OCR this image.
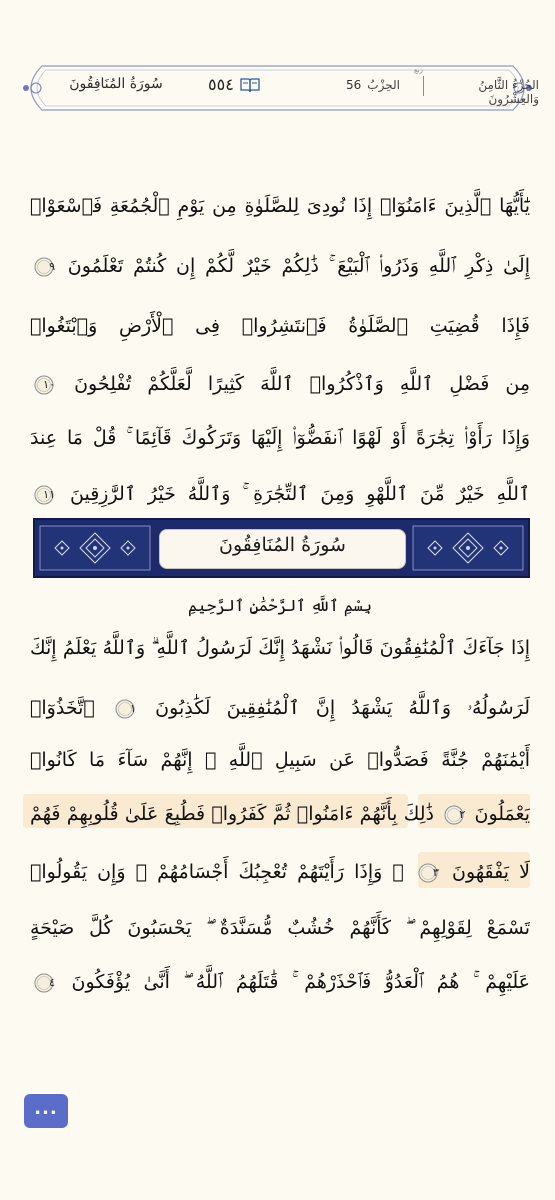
سُورَةُ المُنَافِقُونَ	٥٥٤	56 الحِزْبُ
ربع
الجُزْءُ الثَّامِنُ وَالعِشْرُونَ
يَٰٓأَيُّهَا ٱلَّذِينَ ءَامَنُوٓا۟ إِذَا نُودِىَ لِلصَّلَوٰةِ مِن يَوْمِ ٱلْجُمُعَةِ فَٱسْعَوْا۟
إِلَىٰ ذِكْرِ ٱللَّهِ وَذَرُوا۟ ٱلْبَيْعَ ۚ ذَٰلِكُمْ خَيْرٌ لَّكُمْ إِن كُنتُمْ تَعْلَمُونَ
٩
فَإِذَا قُضِيَتِ ٱلصَّلَوٰةُ فَٱنتَشِرُوا۟ فِى ٱلْأَرْضِ وَٱبْتَغُوا۟
مِن فَضْلِ ٱللَّهِ وَٱذْكُرُوا۟ ٱللَّهَ كَثِيرًا لَّعَلَّكُمْ تُفْلِحُونَ
١٠
وَإِذَا رَأَوْا۟ تِجَٰرَةً أَوْ لَهْوًا ٱنفَضُّوٓا۟ إِلَيْهَا وَتَرَكُوكَ قَآئِمًا ۚ قُلْ مَا عِندَ
ٱللَّهِ خَيْرٌ مِّنَ ٱللَّهْوِ وَمِنَ ٱلتِّجَٰرَةِ ۚ وَٱللَّهُ خَيْرُ ٱلرَّٰزِقِينَ
١١
سُورَةُ المُنَافِقُونَ
بِسْمِ ٱللَّهِ ٱلرَّحْمَٰنِ ٱلرَّحِيمِ
إِذَا جَآءَكَ ٱلْمُنَٰفِقُونَ قَالُوا۟ نَشْهَدُ إِنَّكَ لَرَسُولُ ٱللَّهِ ۗ وَٱللَّهُ يَعْلَمُ إِنَّكَ
لَرَسُولُهُۥ وَٱللَّهُ يَشْهَدُ إِنَّ ٱلْمُنَٰفِقِينَ لَكَٰذِبُونَ
١
ٱتَّخَذُوٓا۟
أَيْمَٰنَهُمْ جُنَّةً فَصَدُّوا۟ عَن سَبِيلِ ٱللَّهِ ۚ إِنَّهُمْ سَآءَ مَا كَانُوا۟
يَعْمَلُونَ
٢
ذَٰلِكَ بِأَنَّهُمْ ءَامَنُوا۟ ثُمَّ كَفَرُوا۟ فَطُبِعَ عَلَىٰ قُلُوبِهِمْ فَهُمْ
لَا يَفْقَهُونَ
٣
۞ وَإِذَا رَأَيْتَهُمْ تُعْجِبُكَ أَجْسَامُهُمْ ۖ وَإِن يَقُولُوا۟
تَسْمَعْ لِقَوْلِهِمْ ۖ كَأَنَّهُمْ خُشُبٌ مُّسَنَّدَةٌ ۖ يَحْسَبُونَ كُلَّ صَيْحَةٍ
عَلَيْهِمْ ۚ هُمُ ٱلْعَدُوُّ فَٱحْذَرْهُمْ ۚ قَٰتَلَهُمُ ٱللَّهُ ۖ أَنَّىٰ يُؤْفَكُونَ
٤
...
